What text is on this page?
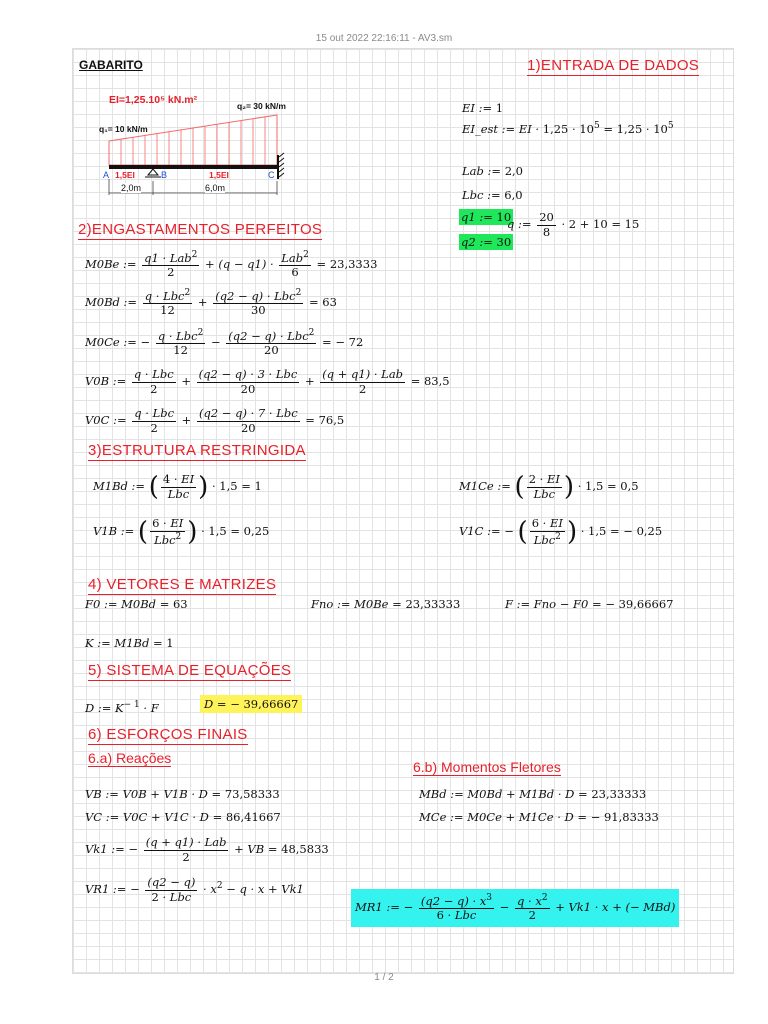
15 out 2022 22:16:11 - AV3.sm
GABARITO	1)ENTRADA DE DADOS
EI=1,25.10⁵ kN.m²	q₂= 30 kN/m
q₁= 10 kN/m
A	B	C
1,5EI	1,5EI
2,0m	6,0m
EI := 1
EI_est := EI · $1,25 \cdot 10^5 = 1,25 \cdot 10^5$
Lab := 2,0
Lbc := 6,0
q1 := 10
q2 := 30
q := $\frac{20}{8} \cdot 2 + 10 = 15$
2)ENGASTAMENTOS PERFEITOS
M0Be := $\frac{q1 \cdot Lab^2}{2} + (q - q1) \cdot \frac{Lab^2}{6} = 23,3333$
M0Bd := $\frac{q \cdot Lbc^2}{12} + \frac{(q2 - q) \cdot Lbc^2}{30} = 63$
M0Ce := − $\frac{q \cdot Lbc^2}{12} - \frac{(q2 - q) \cdot Lbc^2}{20}$ = − 72
V0B := $\frac{\text{q · Lbc}}{2} + \frac{\text{(q2 − q) · 3 · Lbc}}{20} + \frac{\text{(q + q1) · Lab}}{2} = 83,5$
V0C := $\frac{\text{q · Lbc}}{2} + \frac{\text{(q2 − q) · 7 · Lbc}}{20} = 76,5$
3)ESTRUTURA RESTRINGIDA
M1Bd := ( $\frac{4 \cdot EI}{\text{Lbc}}$ ) · 1,5 = 1	M1Ce := ( $\frac{2 \cdot EI}{\text{Lbc}}$ ) · 1,5 = 0,5
V1B := ( $\frac{6 \cdot EI}{Lbc^2}$ ) · 1,5 = 0,25	V1C := − ( $\frac{6 \cdot EI}{Lbc^2}$ ) · 1,5 = − 0,25
4) VETORES E MATRIZES
F0 := M0Bd = 63	Fno := M0Be = 23,33333	F := Fno − F0 = − 39,66667
K := M1Bd = 1
5) SISTEMA DE EQUAÇÕES
D := $K^{- 1} \cdot F$	D = − 39,66667
6) ESFORÇOS FINAIS
6.a) Reações
6.b) Momentos Fletores
VB := V0B + V1B · D = 73,58333
VC := V0C + V1C · D = 86,41667
MBd := M0Bd + M1Bd · D = 23,33333
MCe := M0Ce + M1Ce · D = − 91,83333
Vk1 := − $\frac{\text{(q + q1) · Lab}}{2}$ + VB = 48,5833
VR1 := − $\frac{(q2 - q)}{\text{2 · Lbc}} \cdot x^2 - q \cdot x + Vk1$
MR1 := − $\frac{(q2 - q) \cdot x^3}{\text{6 · Lbc}} - \frac{q \cdot x^2}{2} + Vk1 \cdot x$ + (− MBd)
1 / 2
